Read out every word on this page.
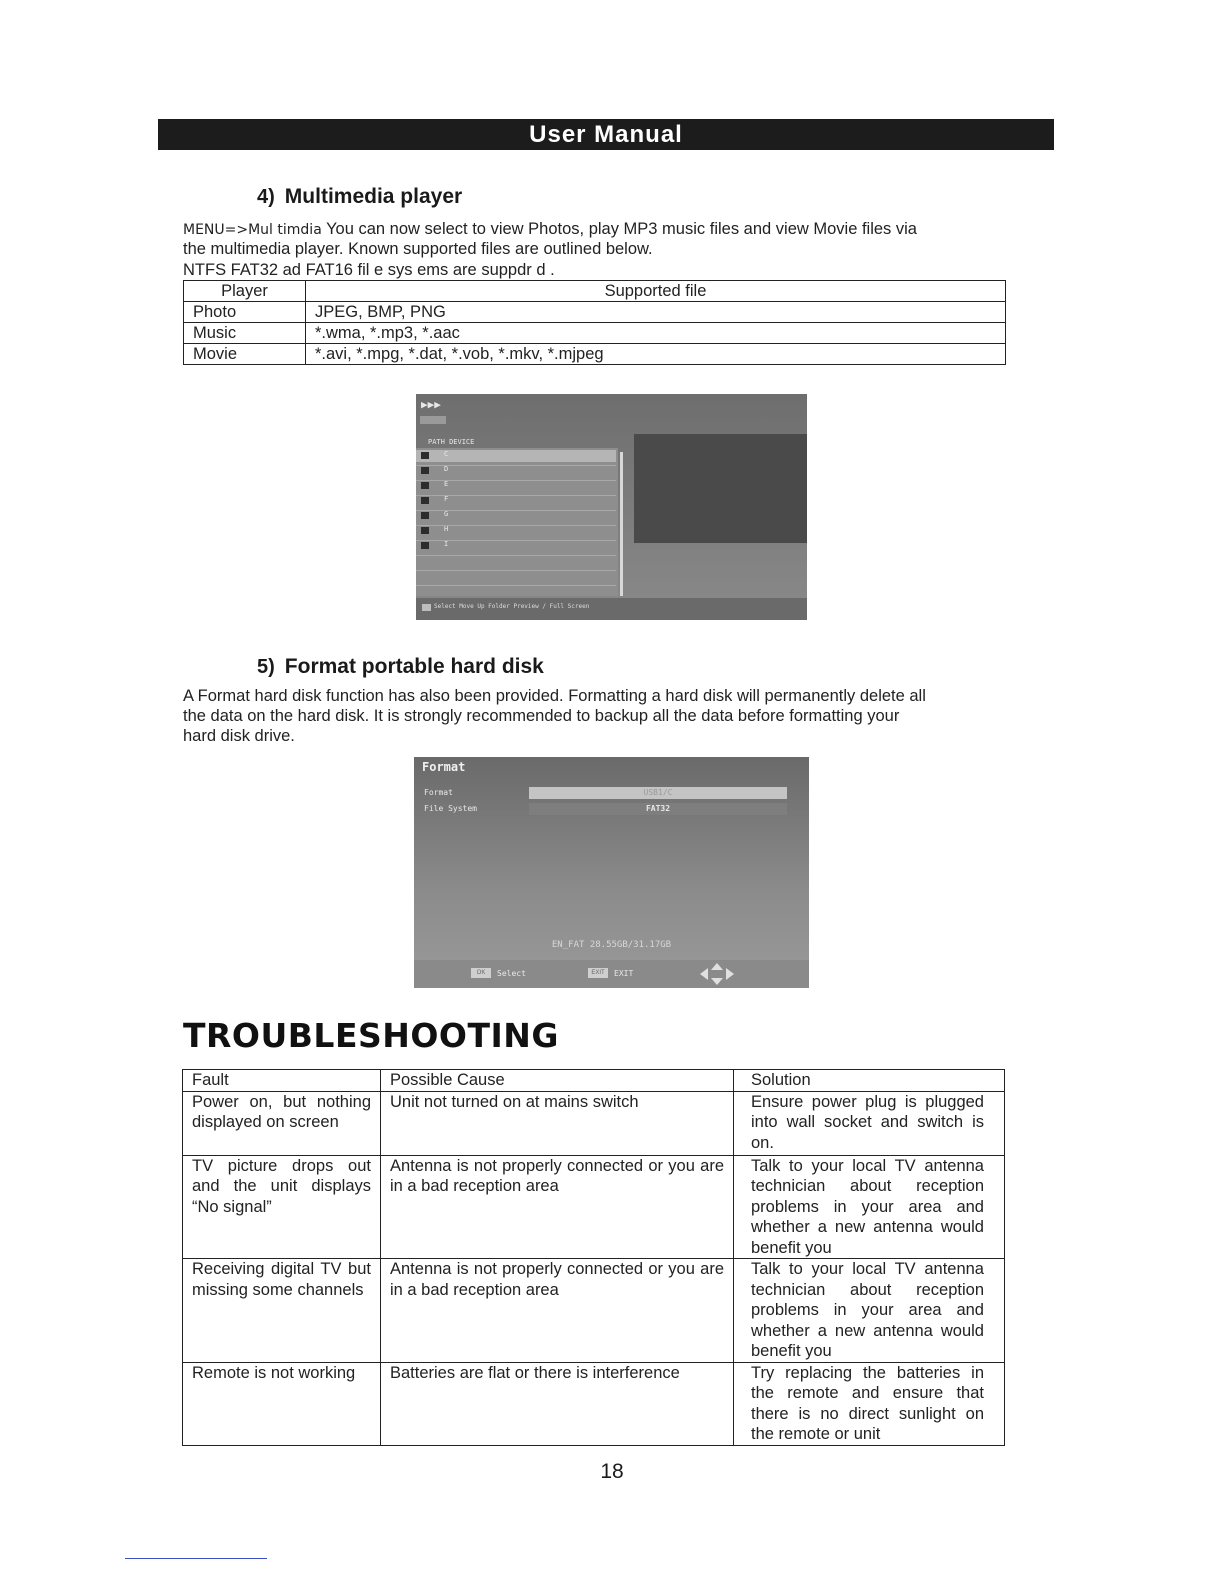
User Manual
4) Multimedia player
MENU=>Mul timdia You can now select to view Photos, play MP3 music files and view Movie files via
the multimedia player. Known supported files are outlined below.
NTFS FAT32 ad FAT16 fil e sys ems are suppdr d .
Player	Supported file
Photo	JPEG, BMP, PNG
Music	*.wma, *.mp3, *.aac
Movie	*.avi, *.mpg, *.dat, *.vob, *.mkv, *.mjpeg
▶▶▶
PATH DEVICE
C
D
E
F
G
H
I
Select Move Up Folder Preview / Full Screen
5) Format portable hard disk
A Format hard disk function has also been provided. Formatting a hard disk will permanently delete all
the data on the hard disk. It is strongly recommended to backup all the data before formatting your
hard disk drive.
Format
Format	USB1/C
File System	FAT32
EN_FAT 28.55GB/31.17GB
OK	Select	EXIT	EXIT
TROUBLESHOOTING
Fault	Possible Cause	Solution
Power on, but nothing displayed on screen	Unit not turned on at mains switch	Ensure power plug is plugged into wall socket and switch is on.
TV picture drops out and the unit displays “No signal”	Antenna is not properly connected or you are in a bad reception area	Talk to your local TV antenna technician about reception problems in your area and whether a new antenna would benefit you
Receiving digital TV but missing some channels	Antenna is not properly connected or you are in a bad reception area	Talk to your local TV antenna technician about reception problems in your area and whether a new antenna would benefit you
Remote is not working	Batteries are flat or there is interference	Try replacing the batteries in the remote and ensure that there is no direct sunlight on the remote or unit
18
